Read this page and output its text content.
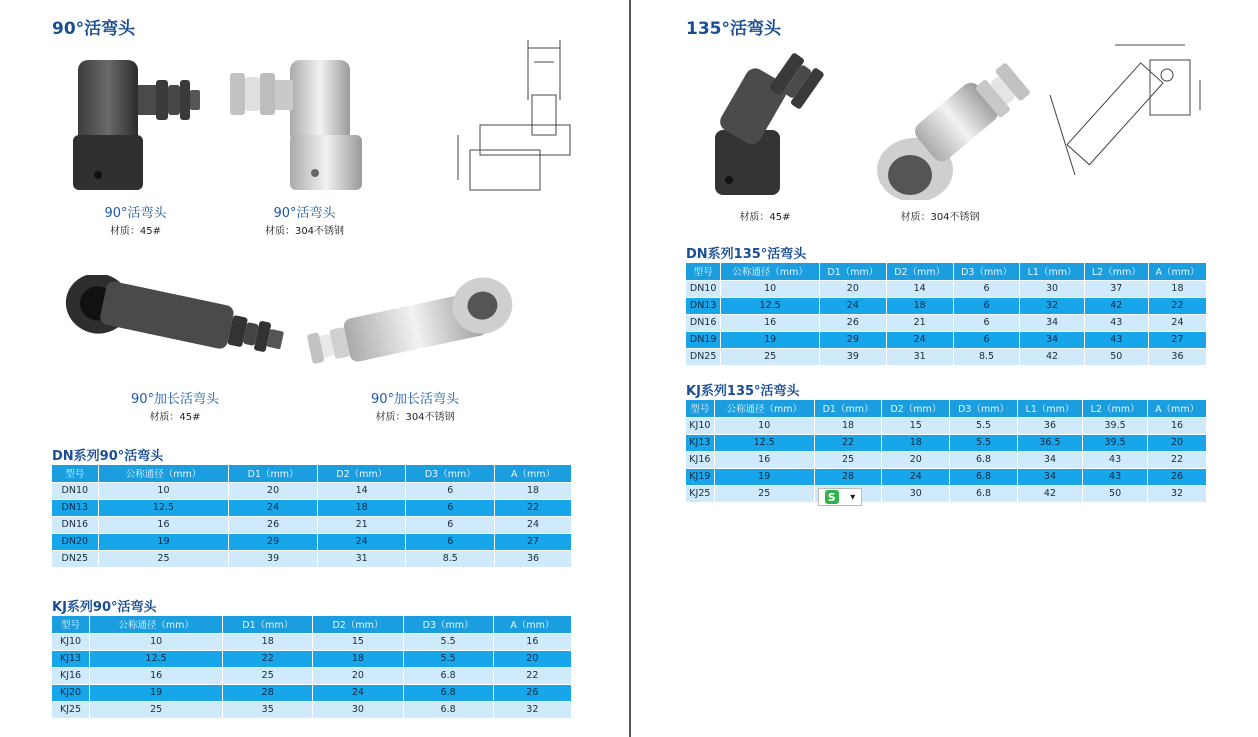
90°活弯头
90°活弯头
材质：45#
90°活弯头
材质：304不锈钢
90°加长活弯头
材质：45#
90°加长活弯头
材质：304不锈钢
DN系列90°活弯头
型号	公称通径（mm）	D1（mm）	D2（mm）	D3（mm）	A（mm）
DN10	10	20	14	6	18
DN13	12.5	24	18	6	22
DN16	16	26	21	6	24
DN20	19	29	24	6	27
DN25	25	39	31	8.5	36
KJ系列90°活弯头
型号	公称通径（mm）	D1（mm）	D2（mm）	D3（mm）	A（mm）
KJ10	10	18	15	5.5	16
KJ13	12.5	22	18	5.5	20
KJ16	16	25	20	6.8	22
KJ20	19	28	24	6.8	26
KJ25	25	35	30	6.8	32
135°活弯头
材质：45#	材质：304不锈钢
DN系列135°活弯头
型号	公称通径（mm）	D1（mm）	D2（mm）	D3（mm）	L1（mm）	L2（mm）	A（mm）
DN10	10	20	14	6	30	37	18
DN13	12.5	24	18	6	32	42	22
DN16	16	26	21	6	34	43	24
DN19	19	29	24	6	34	43	27
DN25	25	39	31	8.5	42	50	36
KJ系列135°活弯头
型号	公称通径（mm）	D1（mm）	D2（mm）	D3（mm）	L1（mm）	L2（mm）	A（mm）
KJ10	10	18	15	5.5	36	39.5	16
KJ13	12.5	22	18	5.5	36.5	39.5	20
KJ16	16	25	20	6.8	34	43	22
KJ19	19	28	24	6.8	34	43	26
KJ25	25		30	6.8	42	50	32
S	▾
